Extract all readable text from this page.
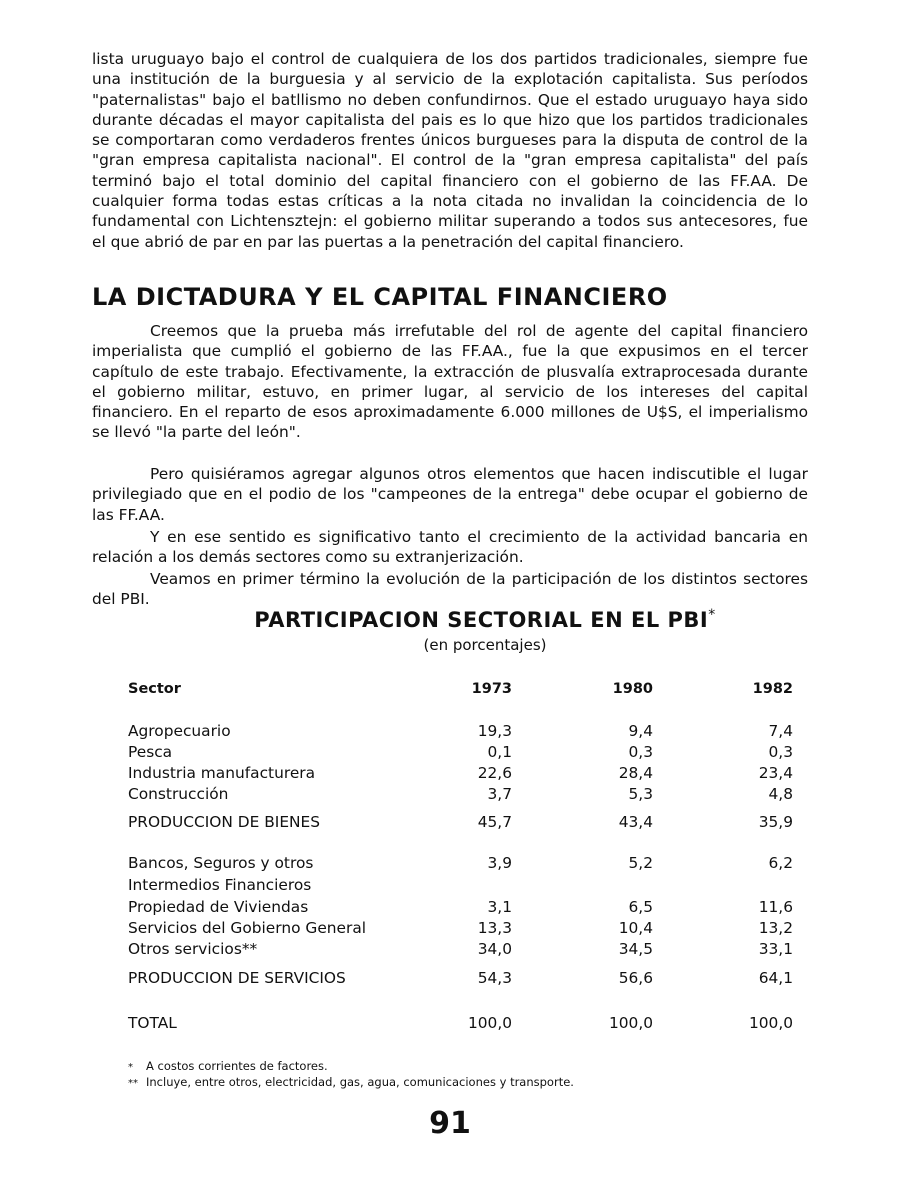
lista uruguayo bajo el control de cualquiera de los dos partidos tradicionales, siempre fue una institución de la burguesia y al servicio de la explotación capitalista. Sus períodos "paternalistas" bajo el batllismo no deben confundirnos. Que el estado uruguayo haya sido durante décadas el mayor capitalista del pais es lo que hizo que los partidos tradicionales se comportaran como verdaderos frentes únicos burgueses para la disputa de control de la "gran empresa capitalista nacional". El control de la "gran empresa capitalista" del país terminó bajo el total dominio del capital financiero con el gobierno de las FF.AA. De cualquier forma todas estas críticas a la nota citada no invalidan la coincidencia de lo fundamental con Lichtensztejn: el gobierno militar superando a todos sus antecesores, fue el que abrió de par en par las puertas a la penetración del capital financiero.

LA DICTADURA Y EL CAPITAL FINANCIERO

Creemos que la prueba más irrefutable del rol de agente del capital financiero imperialista que cumplió el gobierno de las FF.AA., fue la que expusimos en el tercer capítulo de este trabajo. Efectivamente, la extracción de plusvalía extraprocesada durante el gobierno militar, estuvo, en primer lugar, al servicio de los intereses del capital financiero. En el reparto de esos aproximadamente 6.000 millones de U$S, el imperialismo se llevó "la parte del león".

Pero quisiéramos agregar algunos otros elementos que hacen indiscutible el lugar privilegiado que en el podio de los "campeones de la entrega" debe ocupar el gobierno de las FF.AA.

Y en ese sentido es significativo tanto el crecimiento de la actividad bancaria en relación a los demás sectores como su extranjerización.

Veamos en primer término la evolución de la participación de los distintos sectores del PBI.

PARTICIPACION SECTORIAL EN EL PBI*
(en porcentajes)
Sector	1973	1980	1982
Agropecuario	19,3	9,4	7,4
Pesca	0,1	0,3	0,3
Industria manufacturera	22,6	28,4	23,4
Construcción	3,7	5,3	4,8
PRODUCCION DE BIENES	45,7	43,4	35,9
Bancos, Seguros y otros	3,9	5,2	6,2
Intermedios Financieros
Propiedad de Viviendas	3,1	6,5	11,6
Servicios del Gobierno General	13,3	10,4	13,2
Otros servicios**	34,0	34,5	33,1
PRODUCCION DE SERVICIOS	54,3	56,6	64,1
TOTAL	100,0	100,0	100,0
* A costos corrientes de factores.
** Incluye, entre otros, electricidad, gas, agua, comunicaciones y transporte.
91
